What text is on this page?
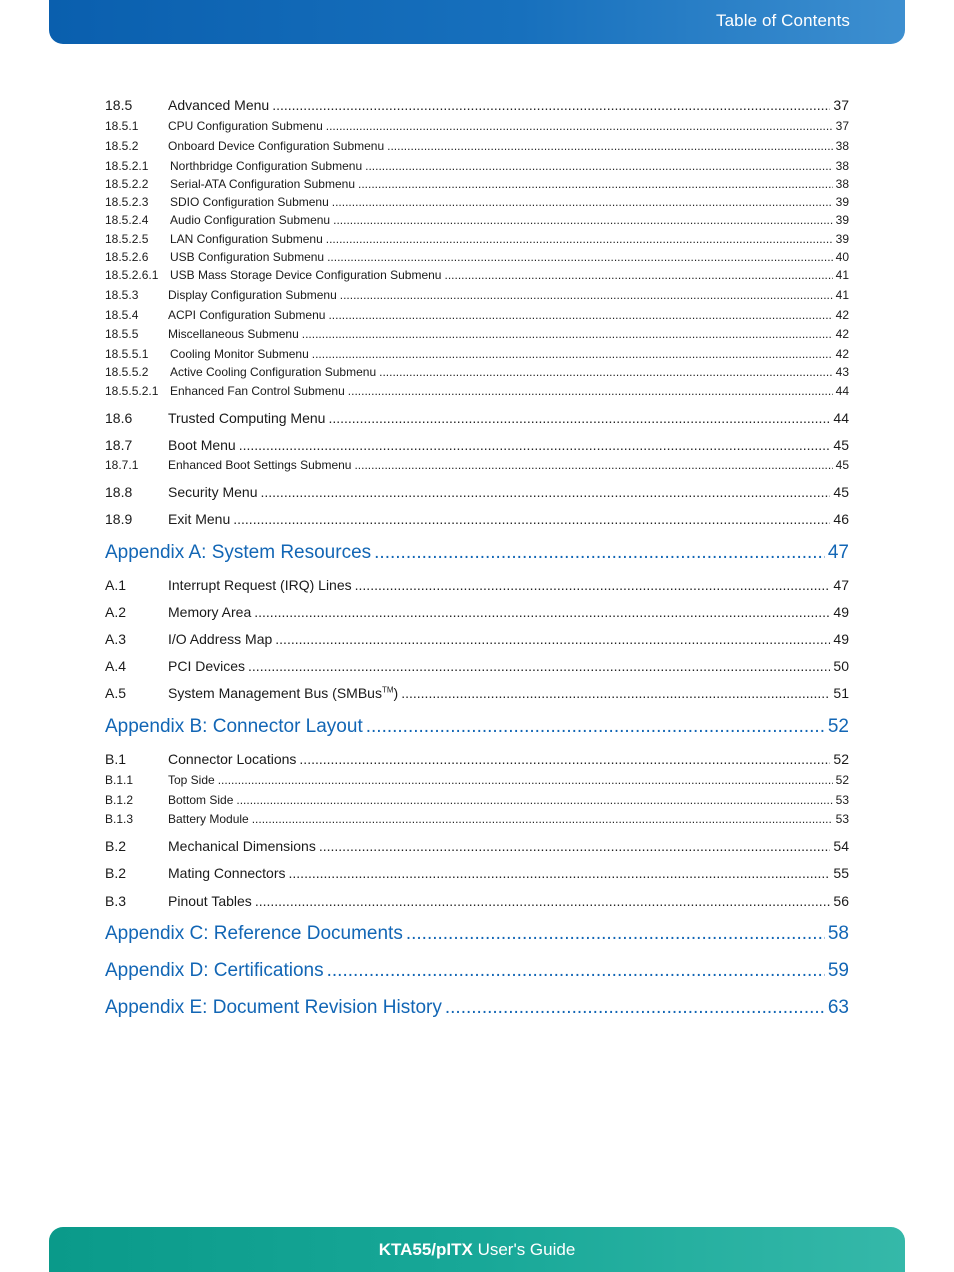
Table of Contents
18.5	Advanced Menu .....	37
18.5.1	CPU Configuration Submenu .....	37
18.5.2	Onboard Device Configuration Submenu .....	38
18.5.2.1	Northbridge Configuration Submenu .....	38
18.5.2.2	Serial-ATA Configuration Submenu .....	38
18.5.2.3	SDIO Configuration Submenu .....	39
18.5.2.4	Audio Configuration Submenu .....	39
18.5.2.5	LAN Configuration Submenu .....	39
18.5.2.6	USB Configuration Submenu .....	40
18.5.2.6.1 USB Mass Storage Device Configuration Submenu .....	41
18.5.3	Display Configuration Submenu .....	41
18.5.4	ACPI Configuration Submenu .....	42
18.5.5	Miscellaneous Submenu .....	42
18.5.5.1	Cooling Monitor Submenu .....	42
18.5.5.2	Active Cooling Configuration Submenu .....	43
18.5.5.2.1 Enhanced Fan Control Submenu .....	44
18.6	Trusted Computing Menu .....	44
18.7	Boot Menu .....	45
18.7.1	Enhanced Boot Settings Submenu .....	45
18.8	Security Menu .....	45
18.9	Exit Menu .....	46
Appendix A: System Resources .....	47
A.1	Interrupt Request (IRQ) Lines .....	47
A.2	Memory Area .....	49
A.3	I/O Address Map .....	49
A.4	PCI Devices .....	50
A.5	System Management Bus (SMBus™) .....	51
Appendix B: Connector Layout .....	52
B.1	Connector Locations .....	52
B.1.1	Top Side .....	52
B.1.2	Bottom Side .....	53
B.1.3	Battery Module .....	53
B.2	Mechanical Dimensions .....	54
B.2	Mating Connectors .....	55
B.3	Pinout Tables .....	56
Appendix C: Reference Documents .....	58
Appendix D: Certifications .....	59
Appendix E: Document Revision History .....	63
KTA55/pITX User's Guide
